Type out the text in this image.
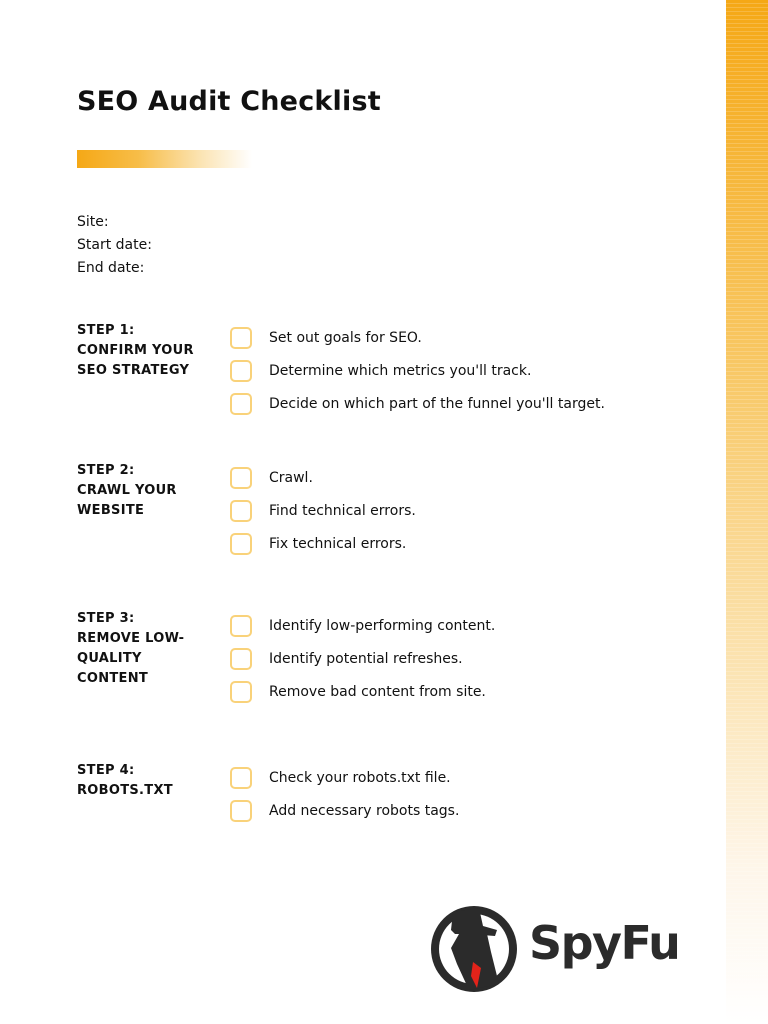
SEO Audit Checklist
Site:
Start date:
End date:
STEP 1:
CONFIRM YOUR
SEO STRATEGY
Set out goals for SEO.
Determine which metrics you'll track.
Decide on which part of the funnel you'll target.
STEP 2:
CRAWL YOUR
WEBSITE
Crawl.
Find technical errors.
Fix technical errors.
STEP 3:
REMOVE LOW-
QUALITY
CONTENT
Identify low-performing content.
Identify potential refreshes.
Remove bad content from site.
STEP 4:
ROBOTS.TXT
Check your robots.txt file.
Add necessary robots tags.
SpyFu
